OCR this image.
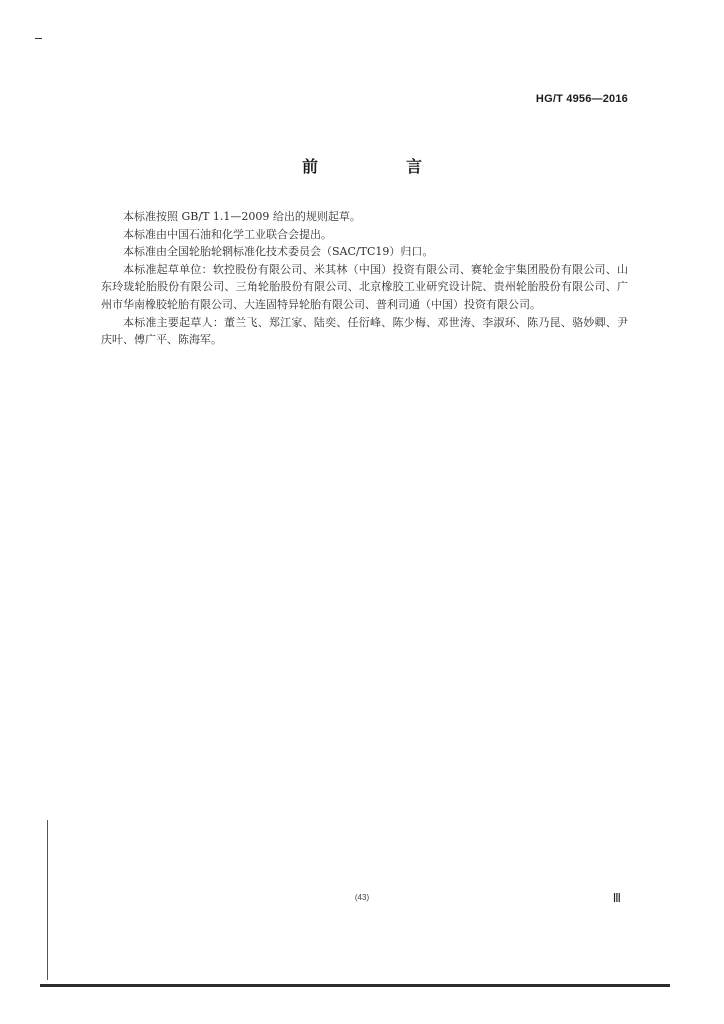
HG/T 4956—2016
前　言

本标准按照 GB/T 1.1—2009 给出的规则起草。

本标准由中国石油和化学工业联合会提出。

本标准由全国轮胎轮辋标准化技术委员会（SAC/TC19）归口。

本标准起草单位：软控股份有限公司、米其林（中国）投资有限公司、赛轮金宇集团股份有限公司、山东玲珑轮胎股份有限公司、三角轮胎股份有限公司、北京橡胶工业研究设计院、贵州轮胎股份有限公司、广州市华南橡胶轮胎有限公司、大连固特异轮胎有限公司、普利司通（中国）投资有限公司。

本标准主要起草人：董兰飞、郑江家、陆奕、任衍峰、陈少梅、邓世涛、李淑环、陈乃昆、骆妙卿、尹庆叶、傅广平、陈海军。

(43)	Ⅲ
